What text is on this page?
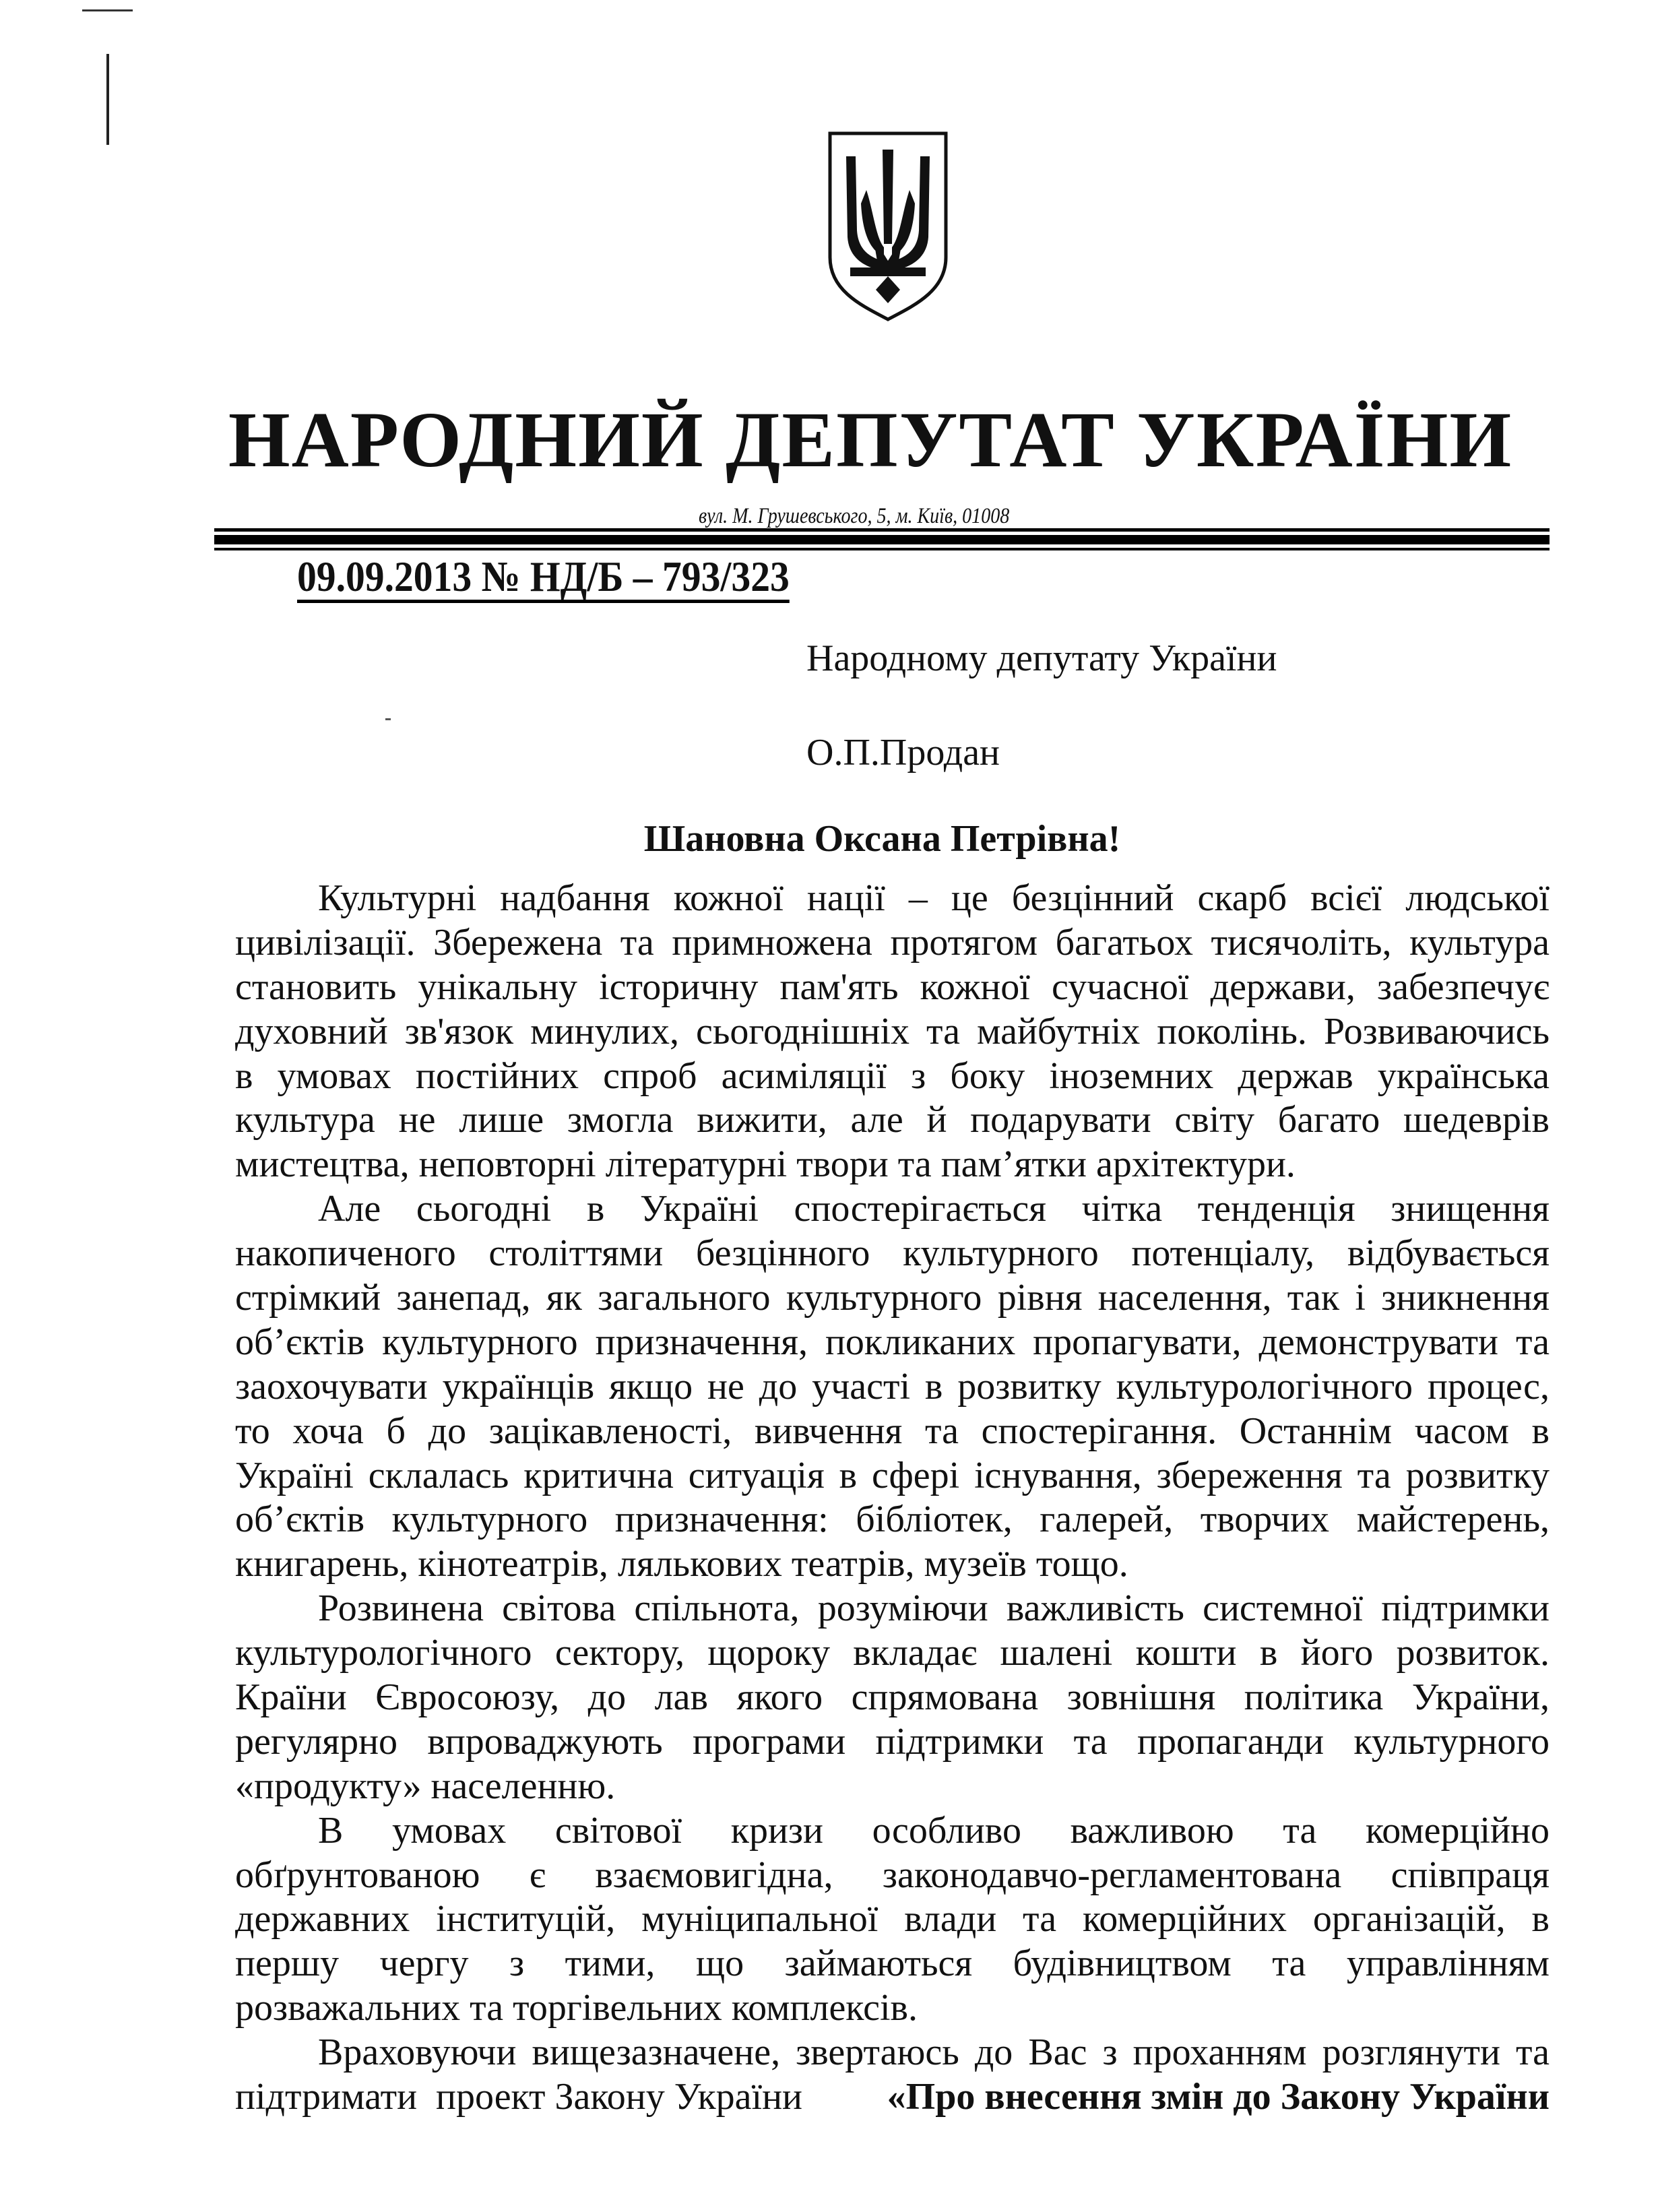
НАРОДНИЙ ДЕПУТАТ УКРАЇНИ
вул. М. Грушевського, 5, м. Київ, 01008
09.09.2013 № НД/Б – 793/323
Народному депутату України
О.П.Продан
Шановна Оксана Петрівна!
Культурні надбання кожної нації – це безцінний скарб всієї людської
цивілізації. Збережена та примножена протягом багатьох тисячоліть, культура
становить унікальну історичну пам'ять кожної сучасної держави, забезпечує
духовний зв'язок минулих, сьогоднішніх та майбутніх поколінь. Розвиваючись
в умовах постійних спроб асиміляції з боку іноземних держав українська
культура не лише змогла вижити, але й подарувати світу багато шедеврів
мистецтва, неповторні літературні твори та пам’ятки архітектури.
Але сьогодні в Україні спостерігається чітка тенденція знищення
накопиченого століттями безцінного культурного потенціалу, відбувається
стрімкий занепад, як загального культурного рівня населення, так і зникнення
об’єктів культурного призначення, покликаних пропагувати, демонструвати та
заохочувати українців якщо не до участі в розвитку культурологічного процес,
то хоча б до зацікавленості, вивчення та спостерігання. Останнім часом в
Україні склалась критична ситуація в сфері існування, збереження та розвитку
об’єктів культурного призначення: бібліотек, галерей, творчих майстерень,
книгарень, кінотеатрів, лялькових театрів, музеїв тощо.
Розвинена світова спільнота, розуміючи важливість системної підтримки
культурологічного сектору, щороку вкладає шалені кошти в його розвиток.
Країни Євросоюзу, до лав якого спрямована зовнішня політика України,
регулярно впроваджують програми підтримки та пропаганди культурного
«продукту» населенню.
В умовах світової кризи особливо важливою та комерційно
обґрунтованою є взаємовигідна, законодавчо-регламентована співпраця
державних інституцій, муніципальної влади та комерційних організацій, в
першу чергу з тими, що займаються будівництвом та управлінням
розважальних та торгівельних комплексів.
Враховуючи вищезазначене, звертаюсь до Вас з проханням розглянути та
підтримати  проект Закону України «Про внесення змін до Закону України
